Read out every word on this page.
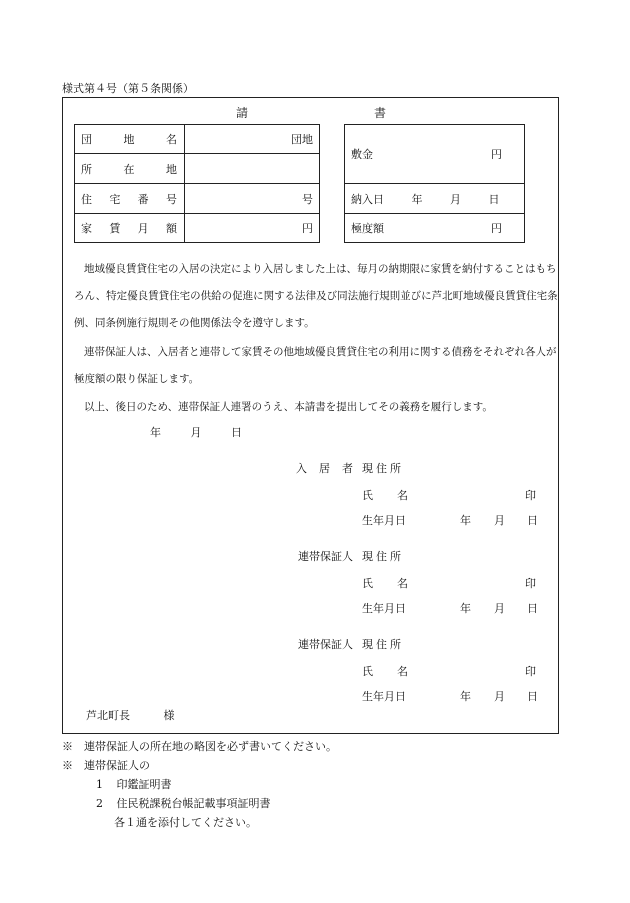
様式第４号（第５条関係）
請	書
団 地 名	団地

所 在 地	

住 宅 番 号	号

家 賃 月 額	円
敷金	円

納入日	年	月	日

極度額	円
地域優良賃貸住宅の入居の決定により入居しました上は、毎月の納期限に家賃を納付することはもち
ろん、特定優良賃貸住宅の供給の促進に関する法律及び同法施行規則並びに芦北町地域優良賃貸住宅条
例、同条例施行規則その他関係法令を遵守します。
連帯保証人は、入居者と連帯して家賃その他地域優良賃貸住宅の利用に関する債務をそれぞれ各人が
極度額の限り保証します。
以上、後日のため、連帯保証人連署のうえ、本請書を提出してその義務を履行します。
年	月	日
入居者
現住所
氏名	印
生年月日	年 月 日
連帯保証人 現住所
氏名	印
生年月日	年 月 日
連帯保証人 現住所
氏名	印
生年月日	年 月 日
芦北町長	様
※　連帯保証人の所在地の略図を必ず書いてください。
※　連帯保証人の
1 印鑑証明書
2 住民税課税台帳記載事項証明書
各１通を添付してください。
